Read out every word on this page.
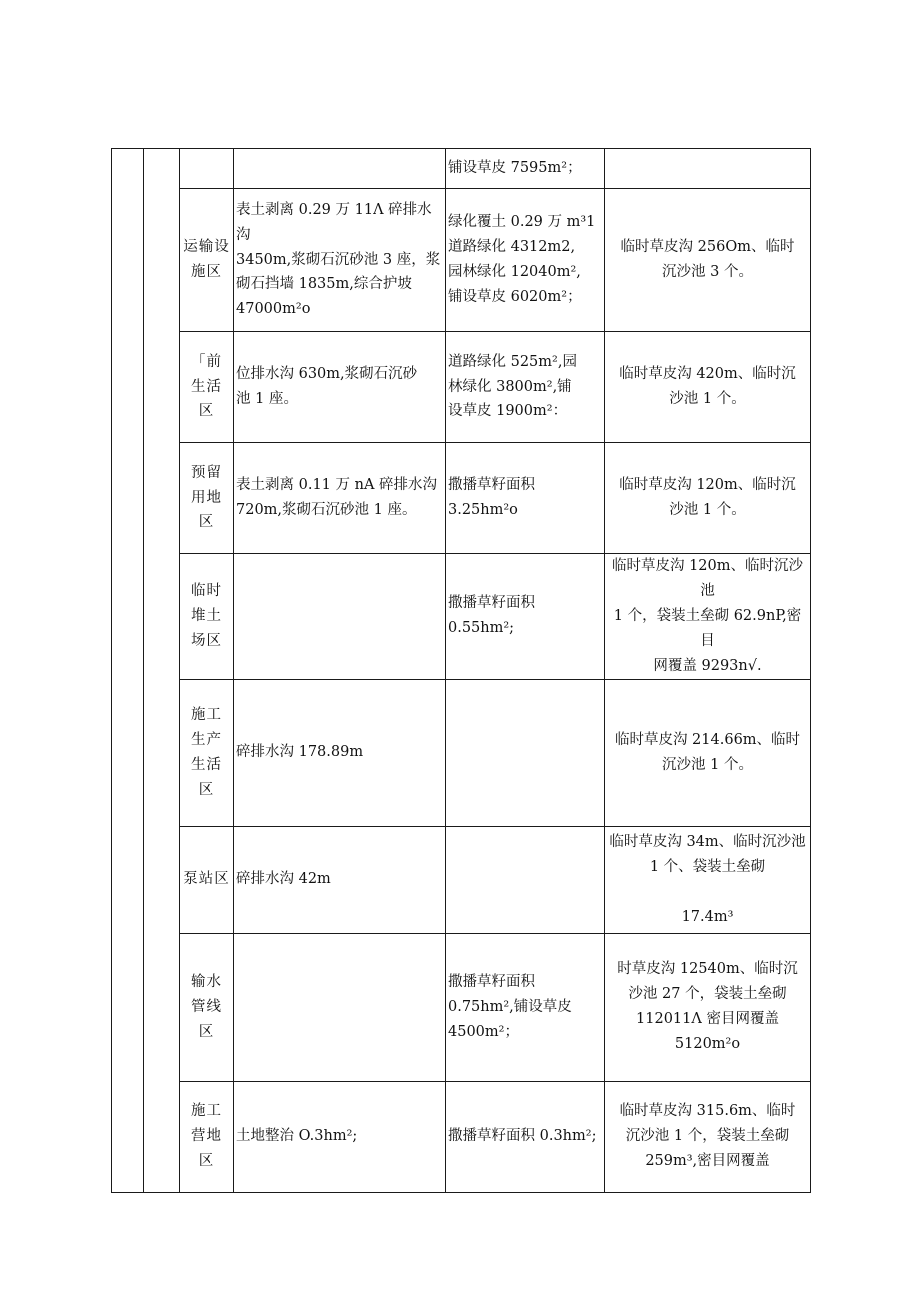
				铺设草皮 7595m²；	
		运输设
施区	表土剥离 0.29 万 11Λ 碎排水沟
3450m,浆砌石沉砂池 3 座，浆
砌石挡墙 1835m,综合护坡
47000m²o	绿化覆土 0.29 万 m³1
道路绿化 4312m2,
园林绿化 12040m²,
铺设草皮 6020m²；	临时草皮沟 256Om、临时
沉沙池 3 个。
		「前
生活
区	位排水沟 630m,浆砌石沉砂
池 1 座。	道路绿化 525m²,园
林绿化 3800m²,铺
设草皮 1900m²：	临时草皮沟 420m、临时沉
沙池 1 个。
		预留
用地
区	表土剥离 0.11 万 nA 碎排水沟
720m,浆砌石沉砂池 1 座。	撒播草籽面积
3.25hm²o	临时草皮沟 120m、临时沉
沙池 1 个。
		临时
堆土
场区		撒播草籽面积 0.55hm²;	临时草皮沟 120m、临时沉沙池
1 个，袋装土垒砌 62.9nP,密目
网覆盖 9293n√.
		施工
生产
生活
区	碎排水沟 178.89m		临时草皮沟 214.66m、临时
沉沙池 1 个。
		泵站区	碎排水沟 42m		临时草皮沟 34m、临时沉沙池
1 个、袋装土垒砌

17.4m³
		输水
管线
区		撒播草籽面积
0.75hm²,铺设草皮
4500m²；	时草皮沟 12540m、临时沉
沙池 27 个，袋装土垒砌
112011Λ 密目网覆盖
5120m²o
		施工
营地
区	土地整治 O.3hm²;	撒播草籽面积 0.3hm²;	临时草皮沟 315.6m、临时
沉沙池 1 个，袋装土垒砌
259m³,密目网覆盖
